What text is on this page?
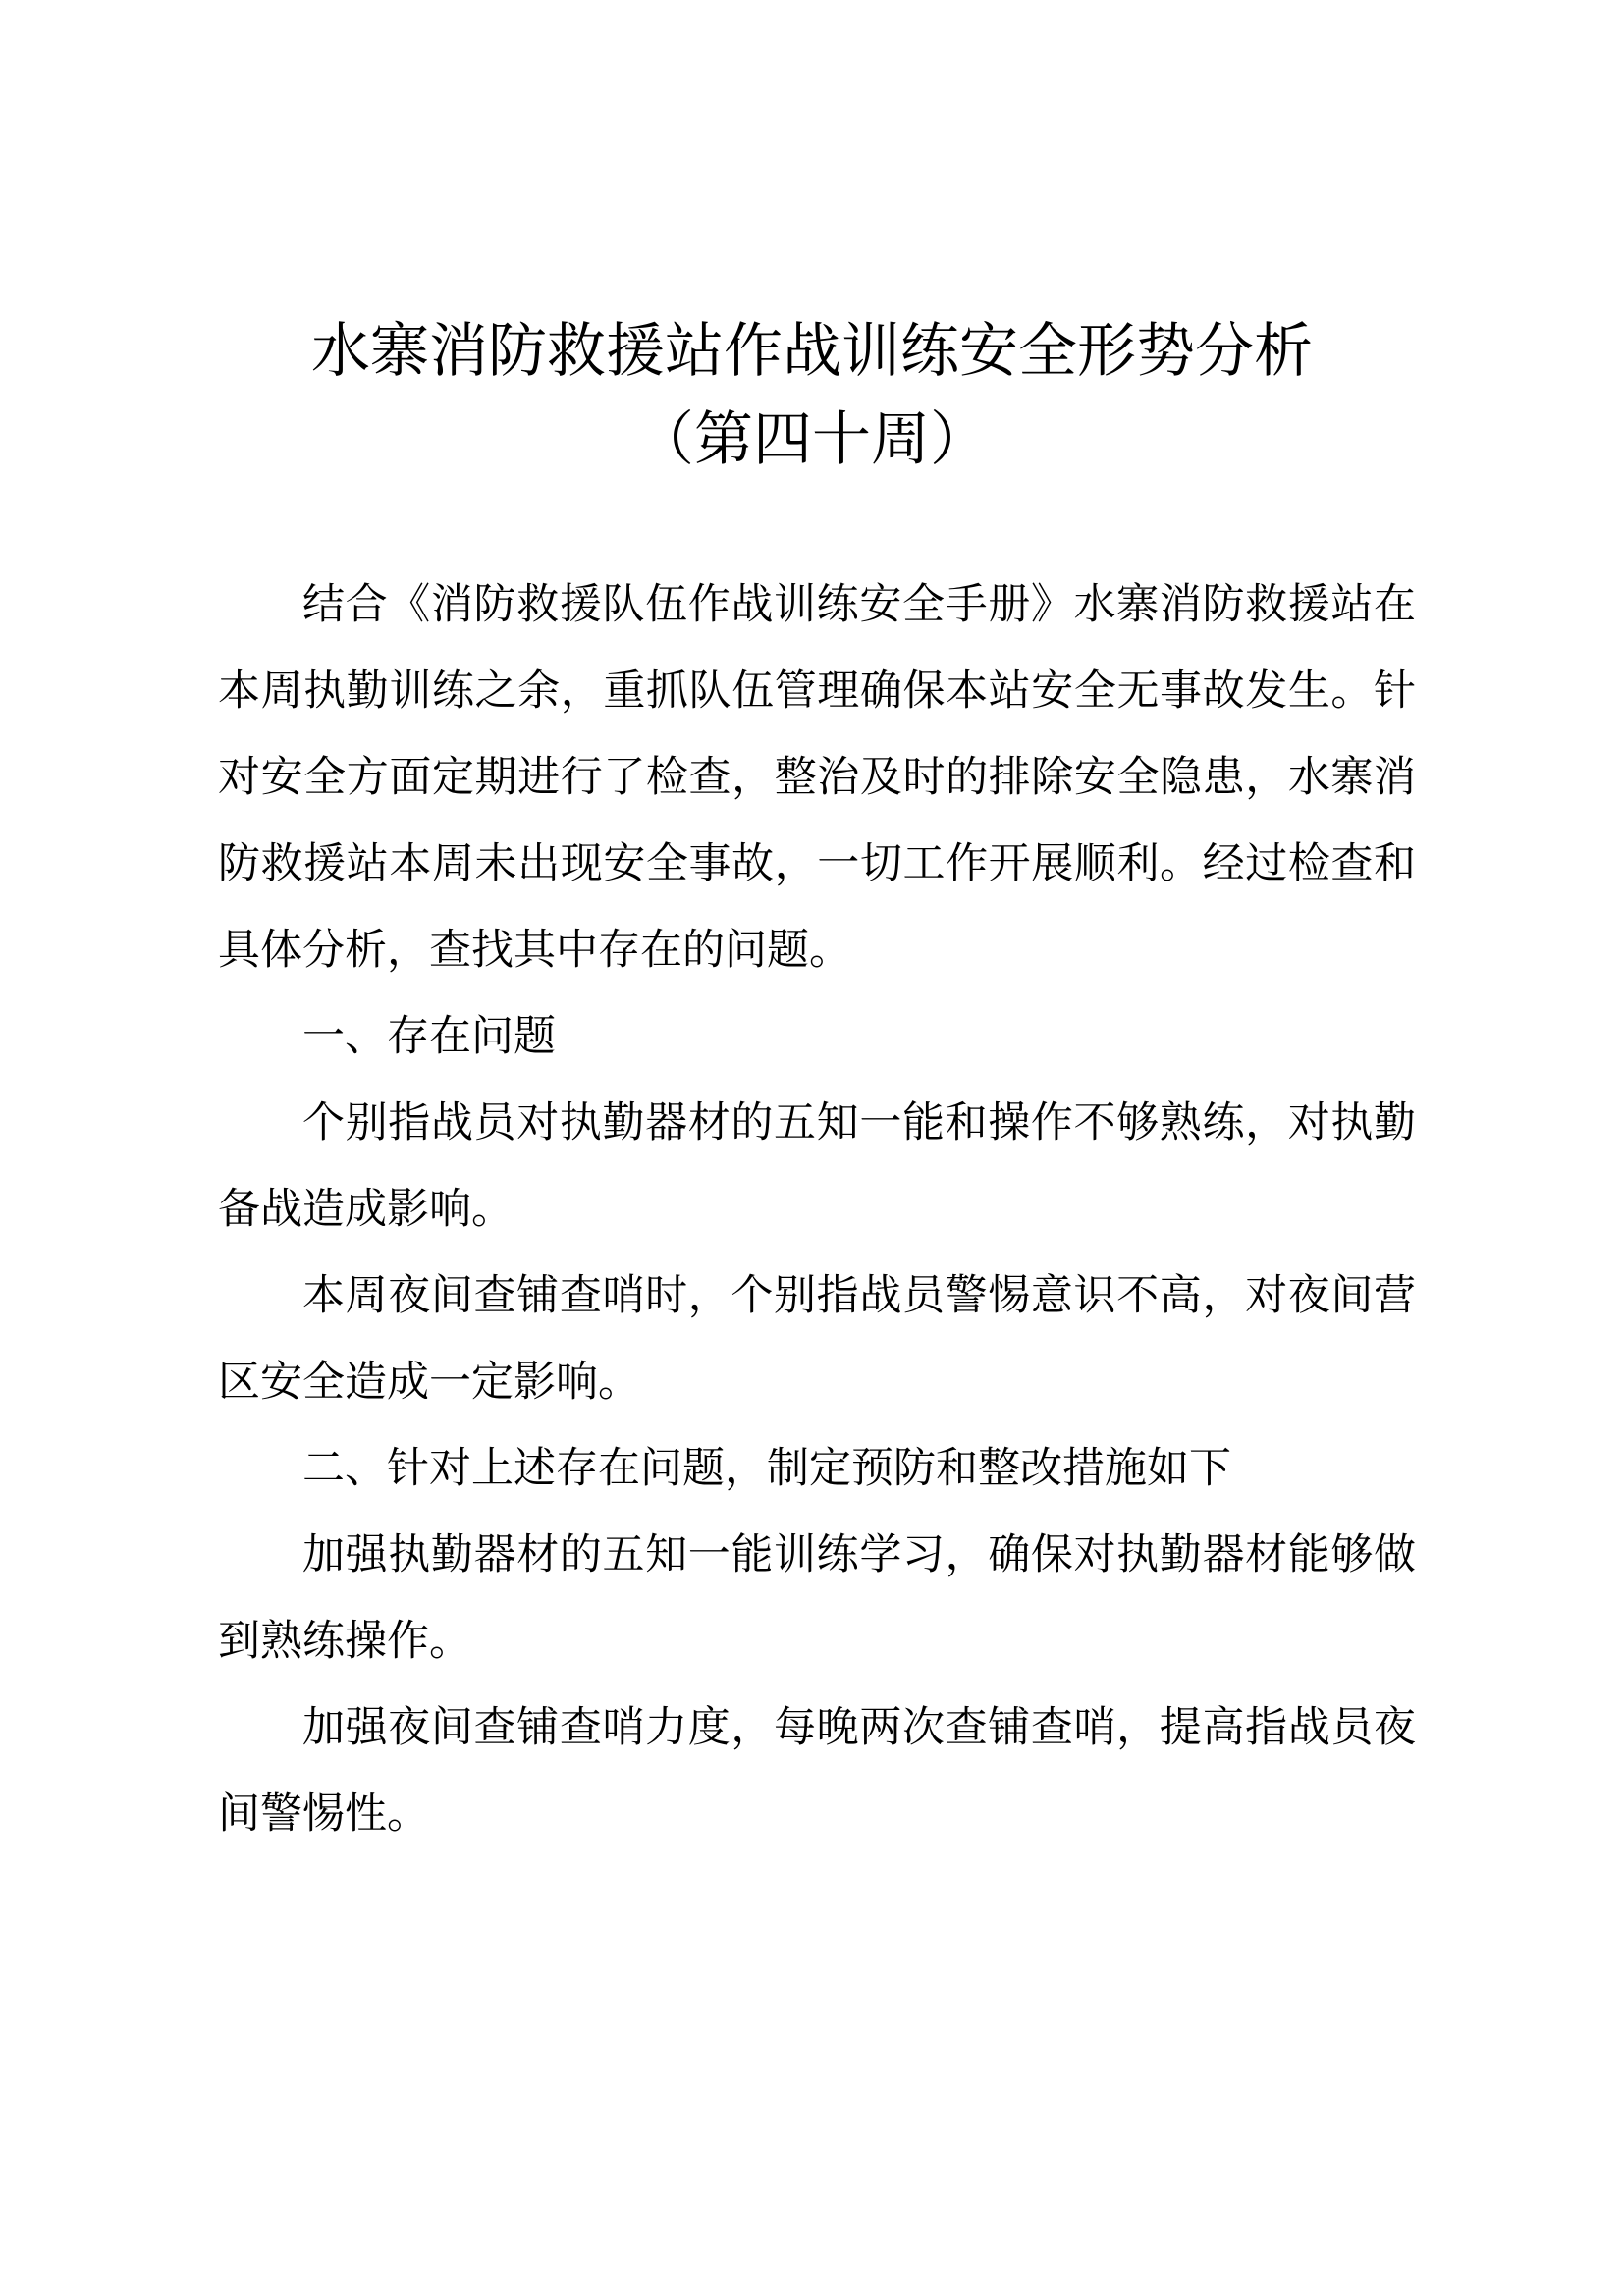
水寨消防救援站作战训练安全形势分析
（第四十周）

结合《消防救援队伍作战训练安全手册》水寨消防救援站在本周执勤训练之余，重抓队伍管理确保本站安全无事故发生。针对安全方面定期进行了检查，整治及时的排除安全隐患，水寨消防救援站本周未出现安全事故，一切工作开展顺利。经过检查和具体分析，查找其中存在的问题。

一、存在问题

个别指战员对执勤器材的五知一能和操作不够熟练，对执勤备战造成影响。

本周夜间查铺查哨时，个别指战员警惕意识不高，对夜间营区安全造成一定影响。

二、针对上述存在问题，制定预防和整改措施如下

加强执勤器材的五知一能训练学习，确保对执勤器材能够做到熟练操作。

加强夜间查铺查哨力度，每晚两次查铺查哨，提高指战员夜间警惕性。
